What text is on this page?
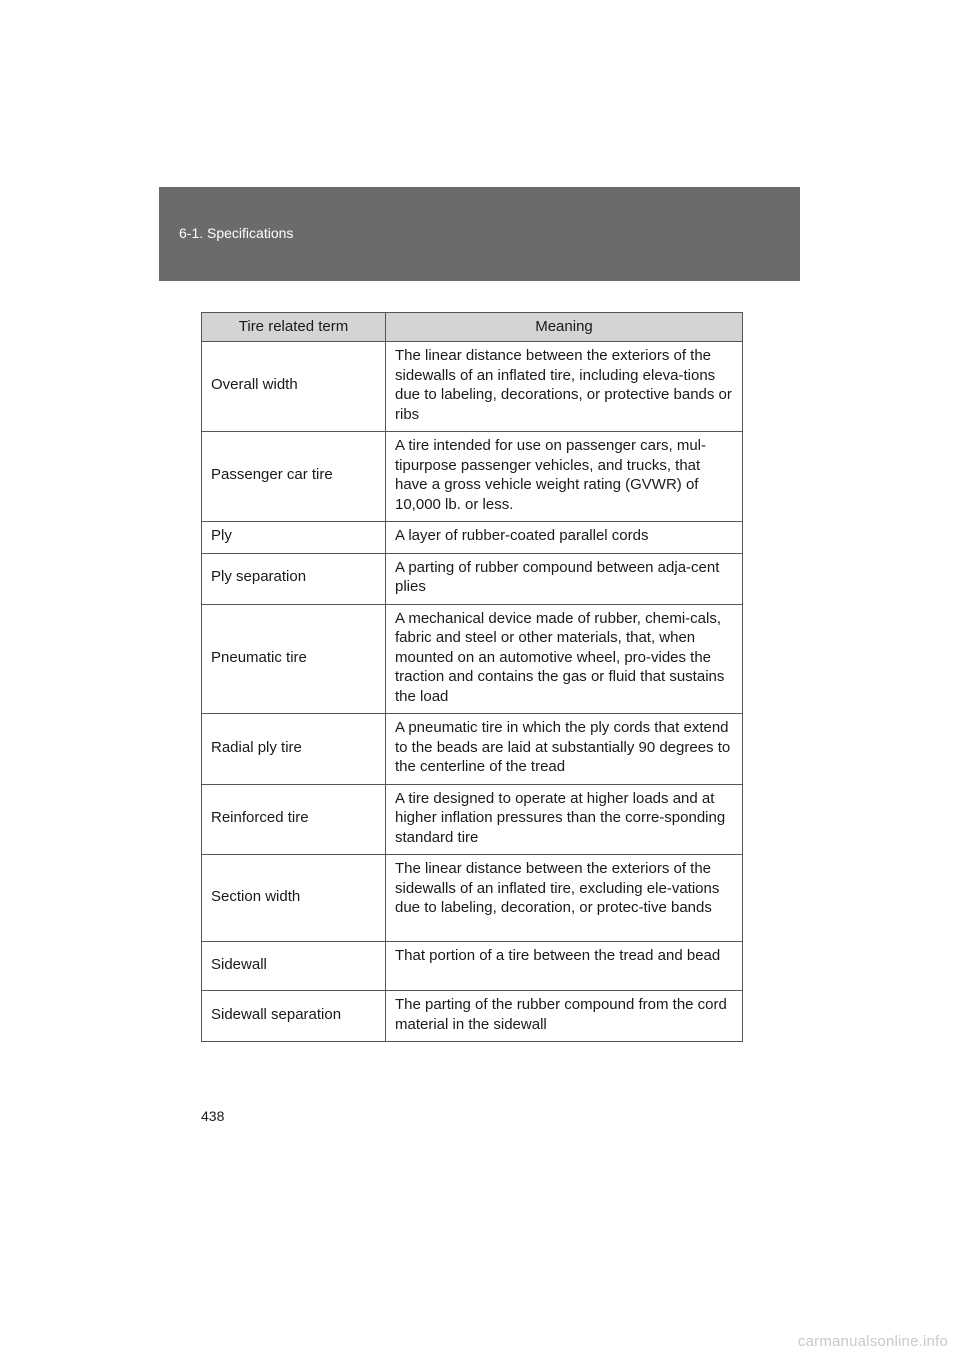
6-1. Specifications
Tire related term	Meaning
Overall width	The linear distance between the exteriors of the sidewalls of an inflated tire, including eleva-tions due to labeling, decorations, or protective bands or ribs
Passenger car tire	A tire intended for use on passenger cars, mul-tipurpose passenger vehicles, and trucks, that have a gross vehicle weight rating (GVWR) of 10,000 lb. or less.
Ply	A layer of rubber-coated parallel cords
Ply separation	A parting of rubber compound between adja-cent plies
Pneumatic tire	A mechanical device made of rubber, chemi-cals, fabric and steel or other materials, that, when mounted on an automotive wheel, pro-vides the traction and contains the gas or fluid that sustains the load
Radial ply tire	A pneumatic tire in which the ply cords that extend to the beads are laid at substantially 90 degrees to the centerline of the tread
Reinforced tire	A tire designed to operate at higher loads and at higher inflation pressures than the corre-sponding standard tire
Section width	The linear distance between the exteriors of the sidewalls of an inflated tire, excluding ele-vations due to labeling, decoration, or protec-tive bands
Sidewall	That portion of a tire between the tread and bead
Sidewall separation	The parting of the rubber compound from the cord material in the sidewall
438
carmanualsonline.info
